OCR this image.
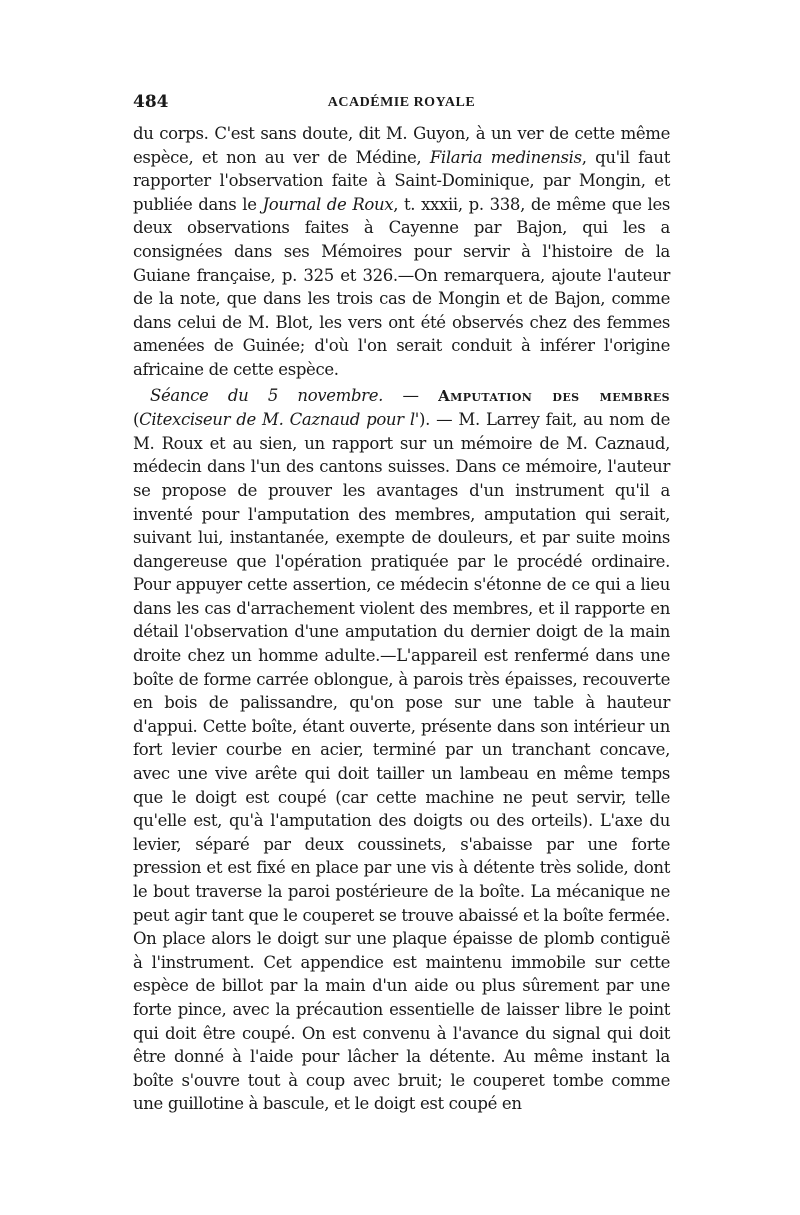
484	ACADÉMIE ROYALE

du corps. C'est sans doute, dit M. Guyon, à un ver de cette même espèce, et non au ver de Médine, Filaria medinensis, qu'il faut rapporter l'observation faite à Saint-Dominique, par Mongin, et publiée dans le Journal de Roux, t. xxxii, p. 338, de même que les deux observations faites à Cayenne par Bajon, qui les a consignées dans ses Mémoires pour servir à l'histoire de la Guiane française, p. 325 et 326.—On remarquera, ajoute l'auteur de la note, que dans les trois cas de Mongin et de Bajon, comme dans celui de M. Blot, les vers ont été observés chez des femmes amenées de Guinée; d'où l'on serait conduit à inférer l'origine africaine de cette espèce.

Séance du 5 novembre. — Amputation des membres (Citexciseur de M. Caznaud pour l'). — M. Larrey fait, au nom de M. Roux et au sien, un rapport sur un mémoire de M. Caznaud, médecin dans l'un des cantons suisses. Dans ce mémoire, l'auteur se propose de prouver les avantages d'un instrument qu'il a inventé pour l'amputation des membres, amputation qui serait, suivant lui, instantanée, exempte de douleurs, et par suite moins dangereuse que l'opération pratiquée par le procédé ordinaire. Pour appuyer cette assertion, ce médecin s'étonne de ce qui a lieu dans les cas d'arrachement violent des membres, et il rapporte en détail l'observation d'une amputation du dernier doigt de la main droite chez un homme adulte.—L'appareil est renfermé dans une boîte de forme carrée oblongue, à parois très épaisses, recouverte en bois de palissandre, qu'on pose sur une table à hauteur d'appui. Cette boîte, étant ouverte, présente dans son intérieur un fort levier courbe en acier, terminé par un tranchant concave, avec une vive arête qui doit tailler un lambeau en même temps que le doigt est coupé (car cette machine ne peut servir, telle qu'elle est, qu'à l'amputation des doigts ou des orteils). L'axe du levier, séparé par deux coussinets, s'abaisse par une forte pression et est fixé en place par une vis à détente très solide, dont le bout traverse la paroi postérieure de la boîte. La mécanique ne peut agir tant que le couperet se trouve abaissé et la boîte fermée. On place alors le doigt sur une plaque épaisse de plomb contiguë à l'instrument. Cet appendice est maintenu immobile sur cette espèce de billot par la main d'un aide ou plus sûrement par une forte pince, avec la précaution essentielle de laisser libre le point qui doit être coupé. On est convenu à l'avance du signal qui doit être donné à l'aide pour lâcher la détente. Au même instant la boîte s'ouvre tout à coup avec bruit; le couperet tombe comme une guillotine à bascule, et le doigt est coupé en
